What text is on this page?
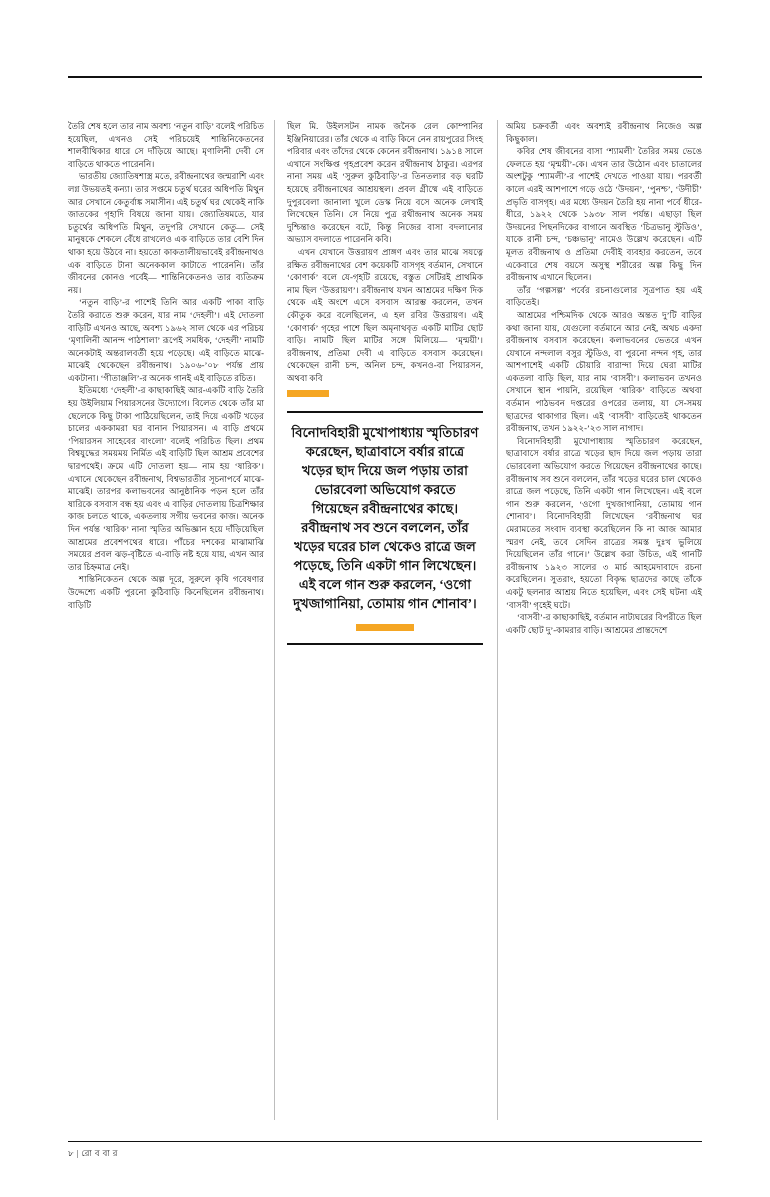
তৈরি শেষ হলে তার নাম অবশ্য ‘নতুন বাড়ি’ বলেই পরিচিত হয়েছিল, এখনও সেই পরিচয়েই শান্তিনিকেতনের শালবীথিকার ধারে সে দাঁড়িয়ে আছে। মৃণালিনী দেবী সে বাড়িতে থাকতে পারেননি।

ভারতীয় জ্যোতিষশাস্ত্র মতে, রবীন্দ্রনাথের জন্মরাশি এবং লগ্ন উভয়তই কন্যা। তার সপ্তমে চতুর্থ ঘরের অধিপতি মিথুন আর সেখানে কেতুর্বাঙ্ক সমাসীন। এই চতুর্থ ঘর থেকেই নাকি জাতকের গৃহাদি বিষয়ে জানা যায়। জ্যোতিষমতে, যার চতুর্থের অধিপতি মিথুন, তদুপরি সেখানে কেতু— সেই মানুষকে শেকলে বেঁধে রাখলেও এক বাড়িতে তার বেশি দিন থাকা হয়ে উঠবে না। হয়তো কাকতালীয়ভাবেই রবীন্দ্রনাথও এক বাড়িতে টানা অনেককাল কাটাতে পারেননি। তাঁর জীবনের কোনও পর্বেই— শান্তিনিকেতনও তার ব্যতিক্রম নয়।

‘নতুন বাড়ি’-র পাশেই তিনি আর একটি পাকা বাড়ি তৈরি করাতে শুরু করেন, যার নাম ‘দেহলী’। এই দোতলা বাড়িটি এখনও আছে, অবশ্য ১৯৬২ সাল থেকে এর পরিচয় ‘মৃণালিনী আনন্দ পাঠশালা’ রূপেই সমধিক, ‘দেহলী’ নামটি অনেকটাই অন্তরালবর্তী হয়ে পড়েছে। এই বাড়িতে মাঝে-মাঝেই থেকেছেন রবীন্দ্রনাথ। ১৯০৬-’০৮ পর্যন্ত প্রায় একটানা। ‘গীতাঞ্জলি’-র অনেক গানই এই বাড়িতে রচিত।

ইতিমধ্যে ‘দেহলী’-র কাছাকাছিই আর-একটি বাড়ি তৈরি হয় উইলিয়াম পিয়ারসনের উদ্যোগে। বিলেত থেকে তাঁর মা ছেলেকে কিছু টাকা পাঠিয়েছিলেন, তাই দিয়ে একটি খড়ের চালের এককামরা ঘর বানান পিয়ারসন। এ বাড়ি প্রথমে ‘পিয়ারসন সাহেবের বাংলো’ বলেই পরিচিত ছিল। প্রথম বিশ্বযুদ্ধের সময়ময় নির্মিত এই বাড়িটি ছিল আশ্রম প্রবেশের দ্বারপথেই। ক্রমে এটি দোতলা হয়— নাম হয় ‘ষারিক’। এখানে থেকেছেন রবীন্দ্রনাথ, বিশ্বভারতীর সূচনাপর্বে মাঝে-মাঝেই। তারপর কলাভবনের আনুষ্ঠানিক পড়ন হলে তাঁর ষারিকে বসবাস বন্ধ হয় এবং এ বাড়ির দোতলায় চিত্রশিক্ষার কাজ চলতে থাকে, একতলায় সগীয় ভবনের কাজ। অনেক দিন পর্যন্ত ‘ষারিক’ নানা স্মৃতির অভিজ্ঞান হয়ে দাঁড়িয়েছিল আশ্রমের প্রবেশপথের ধারে। পাঁচের দশকের মাঝামাঝি সময়ের প্রবল ঝড়-বৃষ্টিতে এ-বাড়ি নষ্ট হয়ে যায়, এখন আর তার চিহ্নমাত্র নেই।

শান্তিনিকেতন থেকে অল্প দূরে, সুরুলে কৃষি গবেষণার উদ্দেশ্যে একটি পুরনো কুঠিবাড়ি কিনেছিলেন রবীন্দ্রনাথ। বাড়িটি

ছিল মি. উইলসটন নামক জনৈক রেল কোম্পানির ইঞ্জিনিয়ারের। তাঁর থেকে এ বাড়ি কিনে নেন রায়পুরের সিংহ পরিবার এবং তাঁদের থেকে কেনেন রবীন্দ্রনাথ। ১৯১৪ সালে এখানে সংক্ষিপ্ত গৃহপ্রবেশ করেন রথীন্দ্রনাথ ঠাকুর। এরপর নানা সময় এই ‘সুরুল কুঠিবাড়ি’-র তিনতলার বড় ঘরটি হয়েছে রবীন্দ্রনাথের আশ্রয়স্থল। প্রবল গ্রীষ্মে এই বাড়িতে দুপুরবেলা জানালা খুলে ডেস্ক নিয়ে বসে অনেক লেখাই লিখেছেন তিনি। সে নিয়ে পুত্র রথীন্দ্রনাথ অনেক সময় দুশ্চিন্তাও করেছেন বটে, কিন্তু নিজের বাসা বদলানোর অভ্যাস বদলাতে পারেননি কবি।

এখন যেখানে উত্তরায়ণ প্রাঙ্গণ এবং তার মাঝে সযত্নে রক্ষিত রবীন্দ্রনাথের বেশ কয়েকটি বাসগৃহ বর্তমান, সেখানে ‘কোণার্ক’ বলে যে-গৃহটি রয়েছে, বস্তুত সেটিরই প্রাথমিক নাম ছিল ‘উত্তরায়ণ’। রবীন্দ্রনাথ যখন আশ্রমের দক্ষিণ দিক থেকে এই অংশে এসে বসবাস আরম্ভ করলেন, তখন কৌতুক করে বলেছিলেন, এ হল রবির উত্তরায়ণ। এই ‘কোণার্ক’ গৃহের পাশে ছিল অমৃনাথবৃত একটি মাটির ছোট বাড়ি। নামটি ছিল মাটির সঙ্গে মিলিয়ে— ‘মৃন্ময়ী’। রবীন্দ্রনাথ, প্রতিমা দেবী এ বাড়িতে বসবাস করেছেন। থেকেছেন রানী চন্দ, অনিল চন্দ, কখনও-বা পিয়ারসন, অথবা কবি

বিনোদবিহারী মুখোপাধ্যায় স্মৃতিচারণ করেছেন, ছাত্রাবাসে বর্ষার রাত্রে খড়ের ছাদ দিয়ে জল পড়ায় তারা ভোরবেলা অভিযোগ করতে গিয়েছেন রবীন্দ্রনাথের কাছে। রবীন্দ্রনাথ সব শুনে বললেন, তাঁর খড়ের ঘরের চাল থেকেও রাত্রে জল পড়েছে, তিনি একটা গান লিখেছেন। এই বলে গান শুরু করলেন, ‘ওগো দুখজাগানিয়া, তোমায় গান শোনাব’।

অমিয় চক্রবর্তী এবং অবশ্যই রবীন্দ্রনাথ নিজেও অল্প কিছুকাল।

কবির শেষ জীবনের বাসা ‘শ্যামলী’ তৈরির সময় ভেঙে ফেলতে হয় ‘মৃন্ময়ী’-কে। এখন তার উঠোন এবং চাতালের অংশটুকু ‘শ্যামলী’-র পাশেই দেখতে পাওয়া যায়। পরবর্তী কালে এরই আশপাশে গড়ে ওঠে ‘উদয়ন’, ‘পুনশ্চ’, ‘উদীচী’ প্রভৃতি বাসগৃহ। এর মধ্যে উদয়ন তৈরি হয় নানা পর্বে ধীরে-ধীরে, ১৯২২ থেকে ১৯৩৮ সাল পর্যন্ত। এছাড়া ছিল উদয়নের পিছনদিকের বাগানে অবস্থিত ‘চিত্রভানু স্টুডিও’, যাকে রানী চন্দ, ‘চঞ্চভানু’ নামেও উল্লেখ করেছেন। এটি মূলত রবীন্দ্রনাথ ও প্রতিমা দেবীই ব্যবহার করতেন, তবে একেবারে শেষ বয়সে অসুস্থ শরীরের অল্প কিছু দিন রবীন্দ্রনাথ এখানে ছিলেন।

তাঁর ‘গল্পসল্প’ পর্বের রচনাগুলোর সূত্রপাত হয় এই বাড়িতেই।

আশ্রমের পশ্চিমদিক থেকে আরও অন্তত দু’টি বাড়ির কথা জানা যায়, যেগুলো বর্তমানে আর নেই, অথচ একদা রবীন্দ্রনাথ বসবাস করেছেন। কলাভবনের ভেতরে এখন যেখানে নন্দলাল বসুর স্টুডিও, বা পুরনো নন্দন গৃহ, তার আশপাশেই একটি চৌয়ারি বারান্দা দিয়ে ঘেরা মাটির একতলা বাড়ি ছিল, যার নাম ‘বাসবী’। কলাভবন তখনও সেখানে স্থান পায়নি, রয়েছিল ‘ষারিক’ বাড়িতে অথবা বর্তমান পাঠভবন দপ্তরের ওপরের তলায়, যা সে-সময় ছাত্রদের থাকাগার ছিল। এই ‘বাসবী’ বাড়িতেই থাকতেন রবীন্দ্রনাথ, তখন ১৯২২-’২৩ সাল নাগাদ।

বিনোদবিহারী মুখোপাধ্যায় স্মৃতিচারণ করেছেন, ছাত্রাবাসে বর্ষার রাত্রে খড়ের ছাদ দিয়ে জল পড়ায় তারা ভোরবেলা অভিযোগ করতে গিয়েছেন রবীন্দ্রনাথের কাছে। রবীন্দ্রনাথ সব শুনে বললেন, তাঁর খড়ের ঘরের চাল থেকেও রাত্রে জল পড়েছে, তিনি একটা গান লিখেছেন। এই বলে গান শুরু করলেন, ‘ওগো দুখজাগানিয়া, তোমায় গান শোনাব’। বিনোদবিহারী লিখেছেন ‘রবীন্দ্রনাথ ঘর মেরামতের সংবাদ ব্যবস্থা করেছিলেন কি না আজ আমার স্মরণ নেই, তবে সেদিন রাত্রের সমস্ত দুঃখ ভুলিয়ে দিয়েছিলেন তাঁর গানে।’ উল্লেখ করা উচিত, এই গানটি রবীন্দ্রনাথ ১৯২৩ সালের ৩ মার্চ আহমেদাবাদে রচনা করেছিলেন। সুতরাং, হয়তো বিকৃদ্ধ ছাত্রদের কাছে তাঁকে একটু ছলনার আশ্রয় নিতে হয়েছিল, এবং সেই ঘটনা এই ‘বাসবী’ গৃহেই ঘটে।

‘বাসবী’-র কাছাকাছিই, বর্তমান নাট্যঘরের বিপরীতে ছিল একটি ছোট দু’-কামরার বাড়ি। আশ্রমের প্রান্তদেশে

৮ | রো ব বা র
